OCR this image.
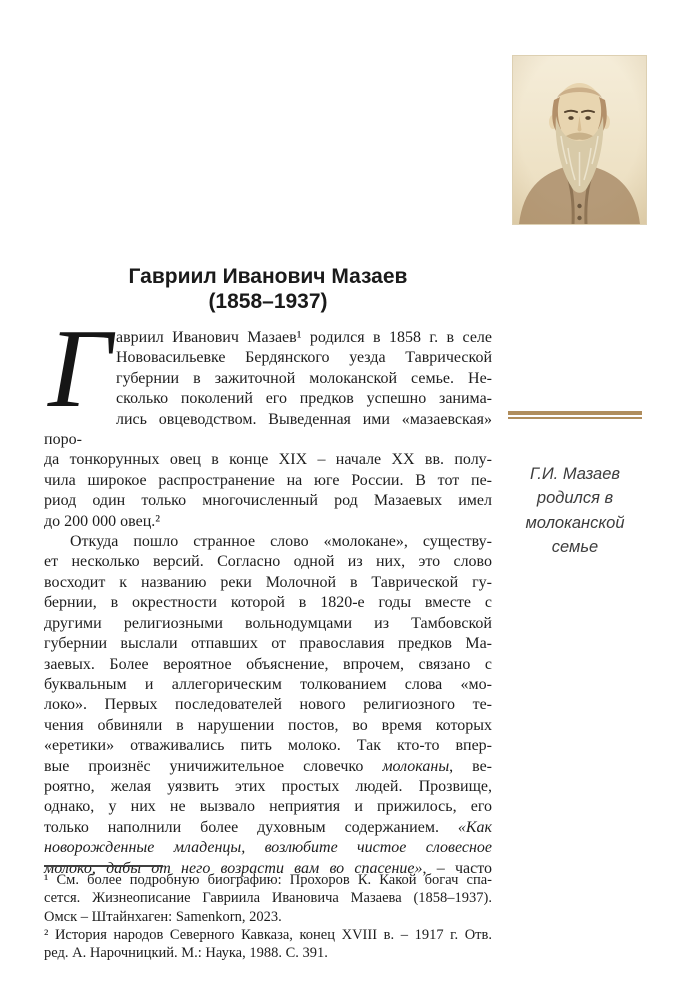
Гавриил Иванович Мазаев
(1858–1937)
Г авриил Иванович Мазаев¹ родился в 1858 г. в селе
Нововасильевке Бердянского уезда Таврической
губернии в зажиточной молоканской семье. Не-
сколько поколений его предков успешно занима-
лись овцеводством. Выведенная ими «мазаевская» поро-
да тонкорунных овец в конце XIX – начале XX вв. полу-
чила широкое распространение на юге России. В тот пе-
риод один только многочисленный род Мазаевых имел
до 200 000 овец.²
Откуда пошло странное слово «молокане», существу-
ет несколько версий. Согласно одной из них, это слово
восходит к названию реки Молочной в Таврической гу-
бернии, в окрестности которой в 1820-е годы вместе с
другими религиозными вольнодумцами из Тамбовской
губернии выслали отпавших от православия предков Ма-
заевых. Более вероятное объяснение, впрочем, связано с
буквальным и аллегорическим толкованием слова «мо-
локо». Первых последователей нового религиозного те-
чения обвиняли в нарушении постов, во время которых
«еретики» отваживались пить молоко. Так кто-то впер-
вые произнёс уничижительное словечко молоканы, ве-
роятно, желая уязвить этих простых людей. Прозвище,
однако, у них не вызвало неприятия и прижилось, его
только наполнили более духовным содержанием. «Как
новорожденные младенцы, возлюбите чистое словесное
молоко, дабы от него возрасти вам во спасение», – часто
Г.И. Мазаев
родился в
молоканской
семье
¹ См. более подробную биографию: Прохоров К. Какой богач спа-
сется. Жизнеописание Гавриила Ивановича Мазаева (1858–1937).
Омск – Штайнхаген: Samenkorn, 2023.
² История народов Северного Кавказа, конец XVIII в. – 1917 г. Отв.
ред. А. Нарочницкий. М.: Наука, 1988. С. 391.
